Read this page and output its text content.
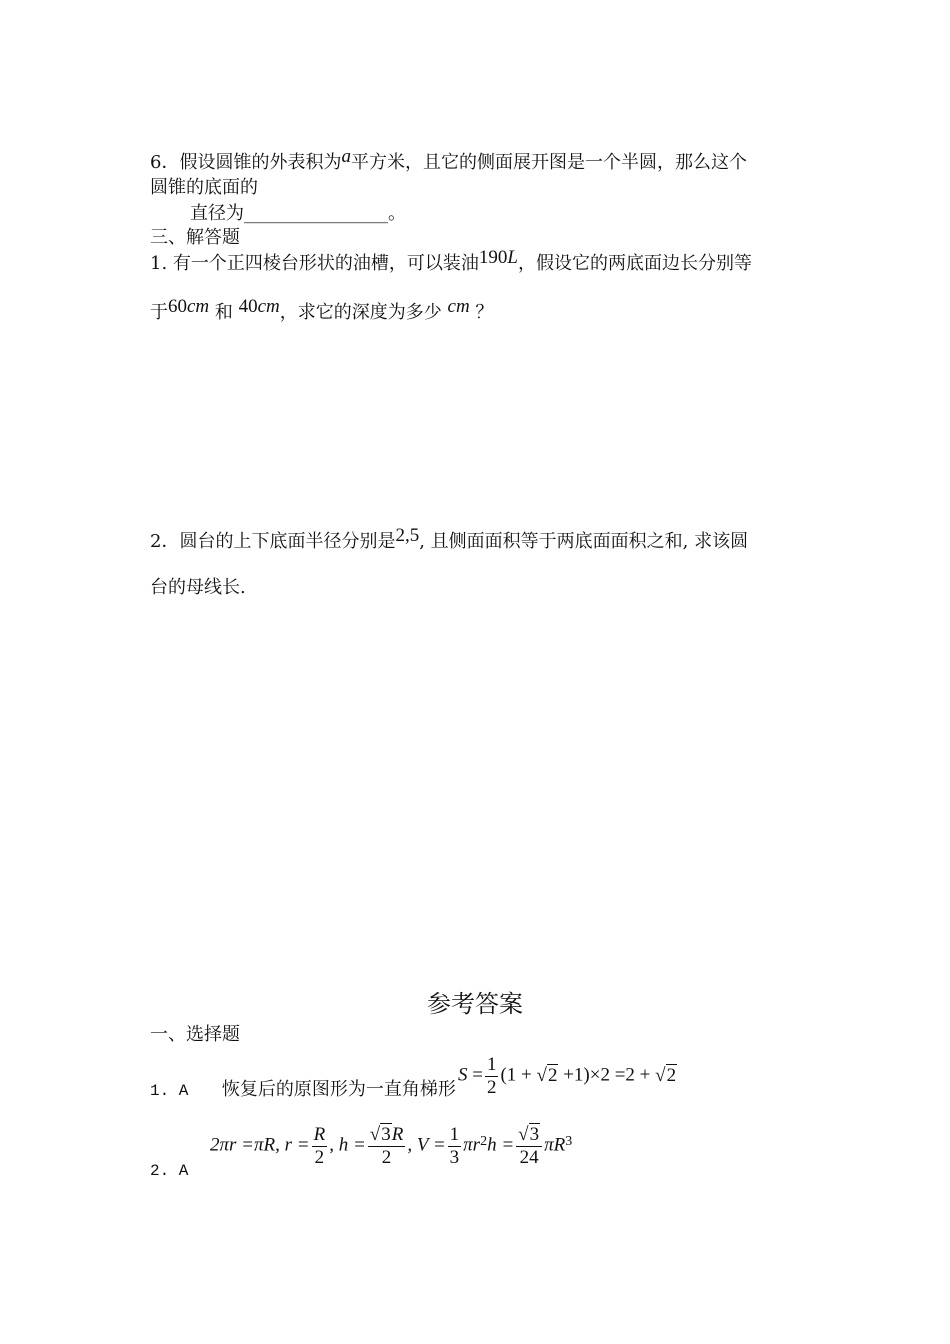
6．假设圆锥的外表积为a平方米，且它的侧面展开图是一个半圆，那么这个
圆锥的底面的
直径为________________。
三、解答题
1. 有一个正四棱台形状的油槽，可以装油190L，假设它的两底面边长分别等
于60cm 和 40cm，求它的深度为多少 cm ？
2．圆台的上下底面半径分别是2,5, 且侧面面积等于两底面面积之和, 求该圆
台的母线长.
参考答案
一、选择题
1. A 恢复后的原图形为一直角梯形
$S = \frac{1}{2} (1 + √2 +1)\times 2 =2 + √2$
2. A
2πr =πR, $r = \frac{R}{2}$ , $h = \frac{√3R}{2}$ , $V = \frac{1}{3} \pi r^2h = \frac{√3}{24} \pi R^3$
